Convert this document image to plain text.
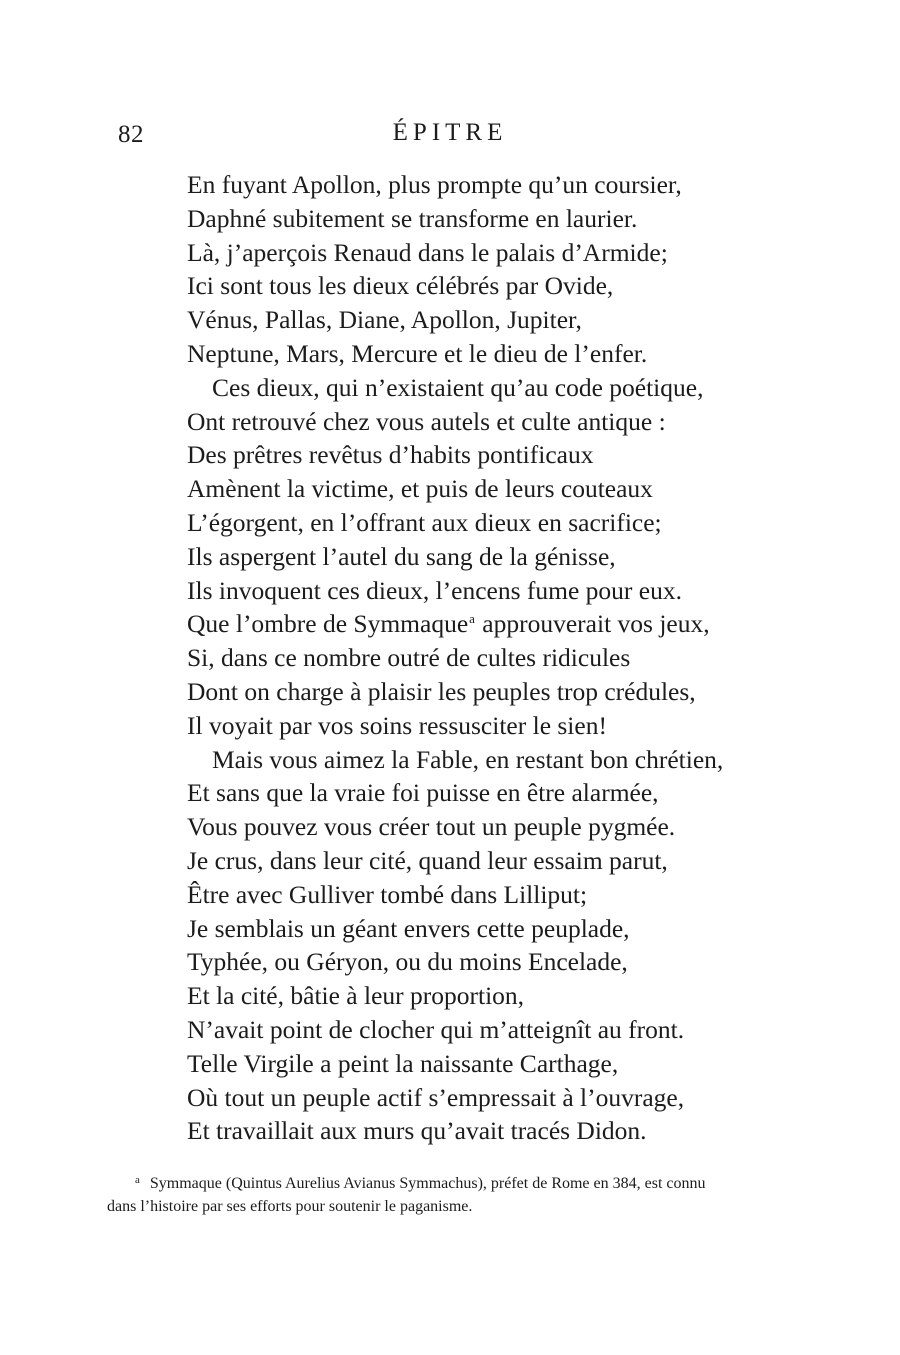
82	ÉPITRE
En fuyant Apollon, plus prompte qu’un coursier,
Daphné subitement se transforme en laurier.
Là, j’aperçois Renaud dans le palais d’Armide;
Ici sont tous les dieux célébrés par Ovide,
Vénus, Pallas, Diane, Apollon, Jupiter,
Neptune, Mars, Mercure et le dieu de l’enfer.
Ces dieux, qui n’existaient qu’au code poétique,
Ont retrouvé chez vous autels et culte antique :
Des prêtres revêtus d’habits pontificaux
Amènent la victime, et puis de leurs couteaux
L’égorgent, en l’offrant aux dieux en sacrifice;
Ils aspergent l’autel du sang de la génisse,
Ils invoquent ces dieux, l’encens fume pour eux.
Que l’ombre de Symmaque$^a$ approuverait vos jeux,
Si, dans ce nombre outré de cultes ridicules
Dont on charge à plaisir les peuples trop crédules,
Il voyait par vos soins ressusciter le sien!
Mais vous aimez la Fable, en restant bon chrétien,
Et sans que la vraie foi puisse en être alarmée,
Vous pouvez vous créer tout un peuple pygmée.
Je crus, dans leur cité, quand leur essaim parut,
Être avec Gulliver tombé dans Lilliput;
Je semblais un géant envers cette peuplade,
Typhée, ou Géryon, ou du moins Encelade,
Et la cité, bâtie à leur proportion,
N’avait point de clocher qui m’atteignît au front.
Telle Virgile a peint la naissante Carthage,
Où tout un peuple actif s’empressait à l’ouvrage,
Et travaillait aux murs qu’avait tracés Didon.
$^a$ Symmaque (Quintus Aurelius Avianus Symmachus), préfet de Rome en 384, est connu
dans l’histoire par ses efforts pour soutenir le paganisme.
